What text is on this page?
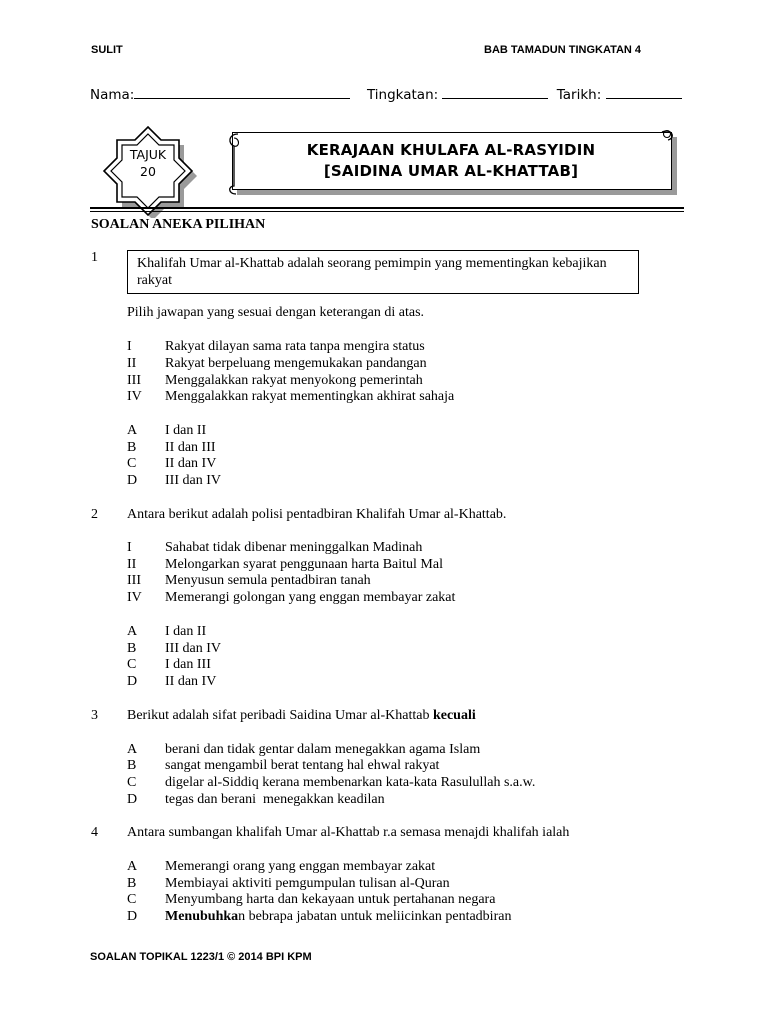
SULIT	BAB TAMADUN TINGKATAN 4
Nama:	Tingkatan:	Tarikh:
TAJUK
20
KERAJAAN KHULAFA AL-RASYIDIN
[SAIDINA UMAR AL-KHATTAB]
SOALAN ANEKA PILIHAN
1	Khalifah Umar al-Khattab adalah seorang pemimpin yang mementingkan kebajikan rakyat
Pilih jawapan yang sesuai dengan keterangan di atas.
I Rakyat dilayan sama rata tanpa mengira status
II Rakyat berpeluang mengemukakan pandangan
III Menggalakkan rakyat menyokong pemerintah
IV Menggalakkan rakyat mementingkan akhirat sahaja
A I dan II
B II dan III
C II dan IV
D III dan IV
2 Antara berikut adalah polisi pentadbiran Khalifah Umar al-Khattab.
I Sahabat tidak dibenar meninggalkan Madinah
II Melongarkan syarat penggunaan harta Baitul Mal
III Menyusun semula pentadbiran tanah
IV Memerangi golongan yang enggan membayar zakat
A I dan II
B III dan IV
C I dan III
D II dan IV
3 Berikut adalah sifat peribadi Saidina Umar al-Khattab kecuali
A berani dan tidak gentar dalam menegakkan agama Islam
B sangat mengambil berat tentang hal ehwal rakyat
C digelar al-Siddiq kerana membenarkan kata-kata Rasulullah s.a.w.
D tegas dan berani  menegakkan keadilan
4 Antara sumbangan khalifah Umar al-Khattab r.a semasa menajdi khalifah ialah
A Memerangi orang yang enggan membayar zakat
B Membiayai aktiviti pemgumpulan tulisan al-Quran
C Menyumbang harta dan kekayaan untuk pertahanan negara
D Menubuhkan bebrapa jabatan untuk meliicinkan pentadbiran
SOALAN TOPIKAL 1223/1 © 2014 BPI KPM
